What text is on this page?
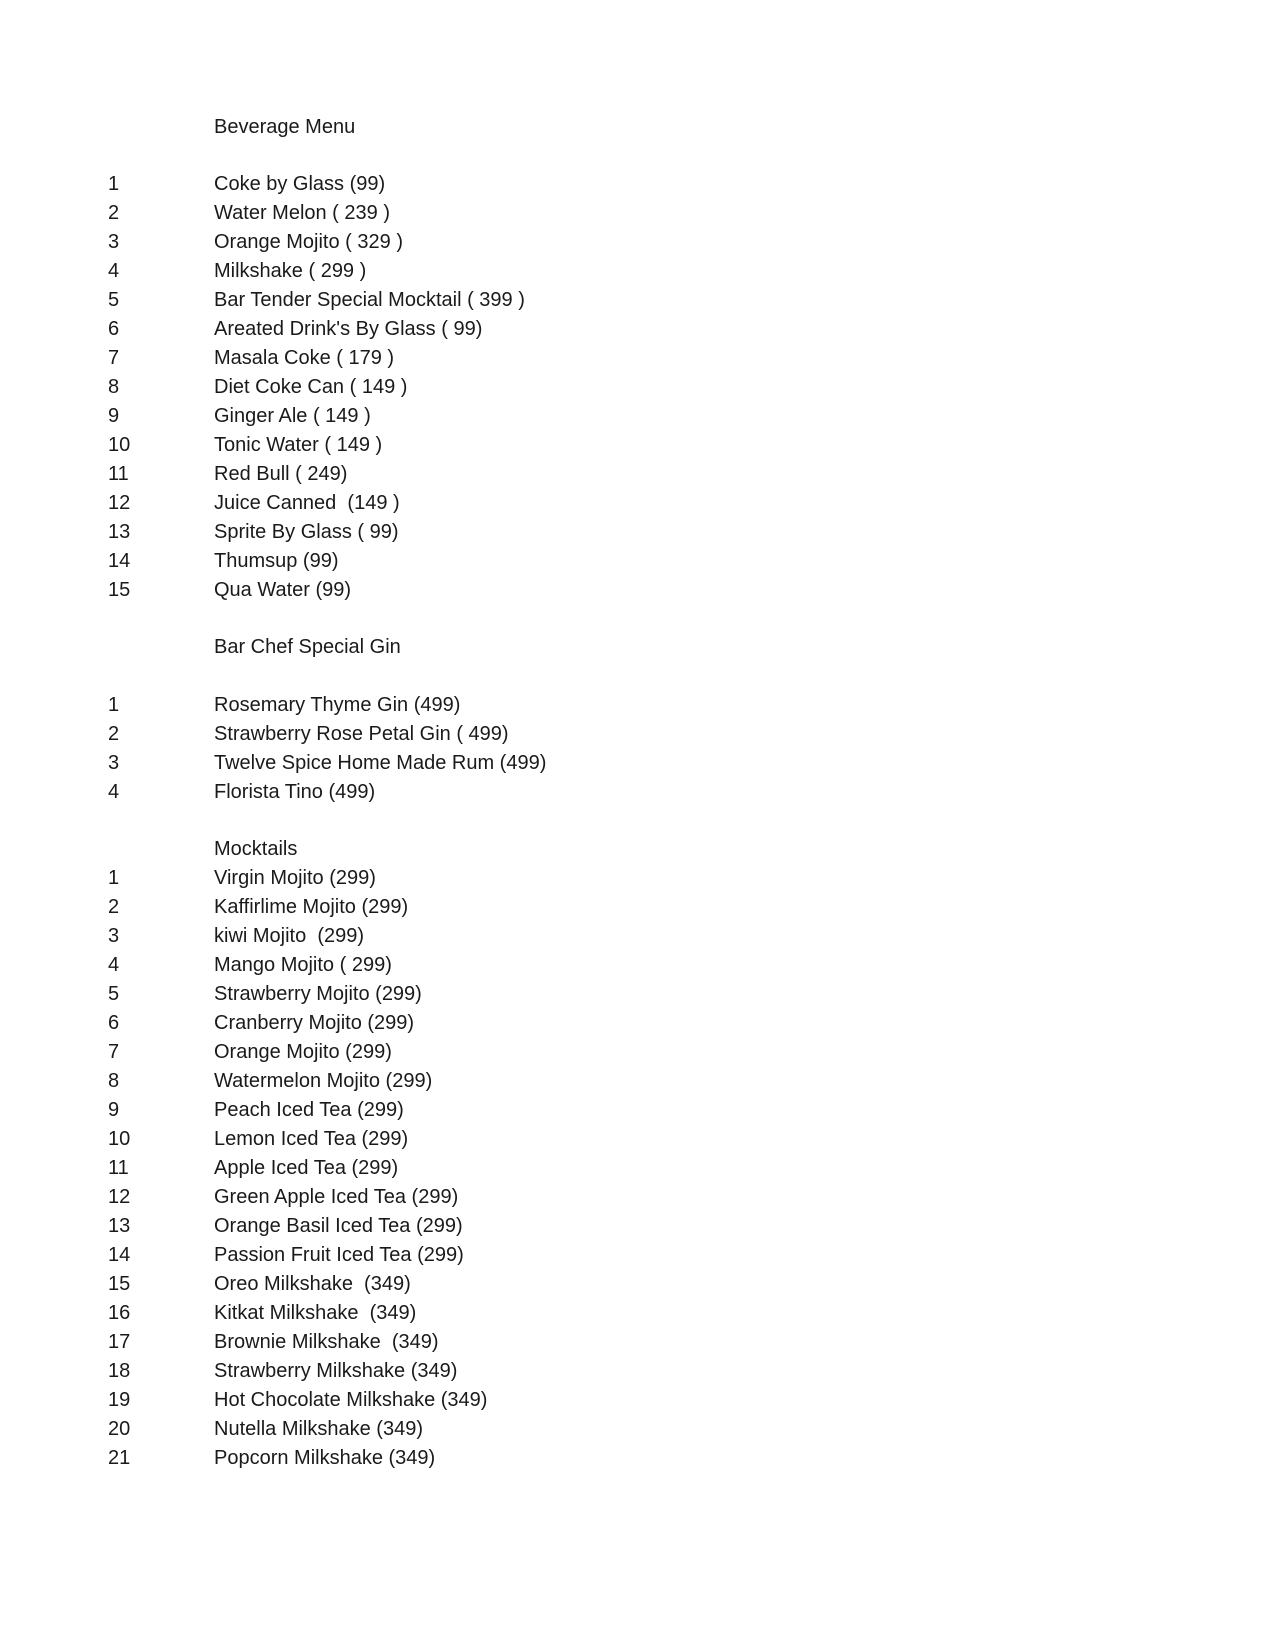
Beverage Menu
1	Coke by Glass (99)
2	Water Melon ( 239 )
3	Orange Mojito ( 329 )
4	Milkshake ( 299 )
5	Bar Tender Special Mocktail ( 399 )
6	Areated Drink's By Glass ( 99)
7	Masala Coke ( 179 )
8	Diet Coke Can ( 149 )
9	Ginger Ale ( 149 )
10	Tonic Water ( 149 )
11	Red Bull ( 249)
12	Juice Canned  (149 )
13	Sprite By Glass ( 99)
14	Thumsup (99)
15	Qua Water (99)
Bar Chef Special Gin
1	Rosemary Thyme Gin (499)
2	Strawberry Rose Petal Gin ( 499)
3	Twelve Spice Home Made Rum (499)
4	Florista Tino (499)
Mocktails
1	Virgin Mojito (299)
2	Kaffirlime Mojito (299)
3	kiwi Mojito  (299)
4	Mango Mojito ( 299)
5	Strawberry Mojito (299)
6	Cranberry Mojito (299)
7	Orange Mojito (299)
8	Watermelon Mojito (299)
9	Peach Iced Tea (299)
10	Lemon Iced Tea (299)
11	Apple Iced Tea (299)
12	Green Apple Iced Tea (299)
13	Orange Basil Iced Tea (299)
14	Passion Fruit Iced Tea (299)
15	Oreo Milkshake  (349)
16	Kitkat Milkshake  (349)
17	Brownie Milkshake  (349)
18	Strawberry Milkshake (349)
19	Hot Chocolate Milkshake (349)
20	Nutella Milkshake (349)
21	Popcorn Milkshake (349)
